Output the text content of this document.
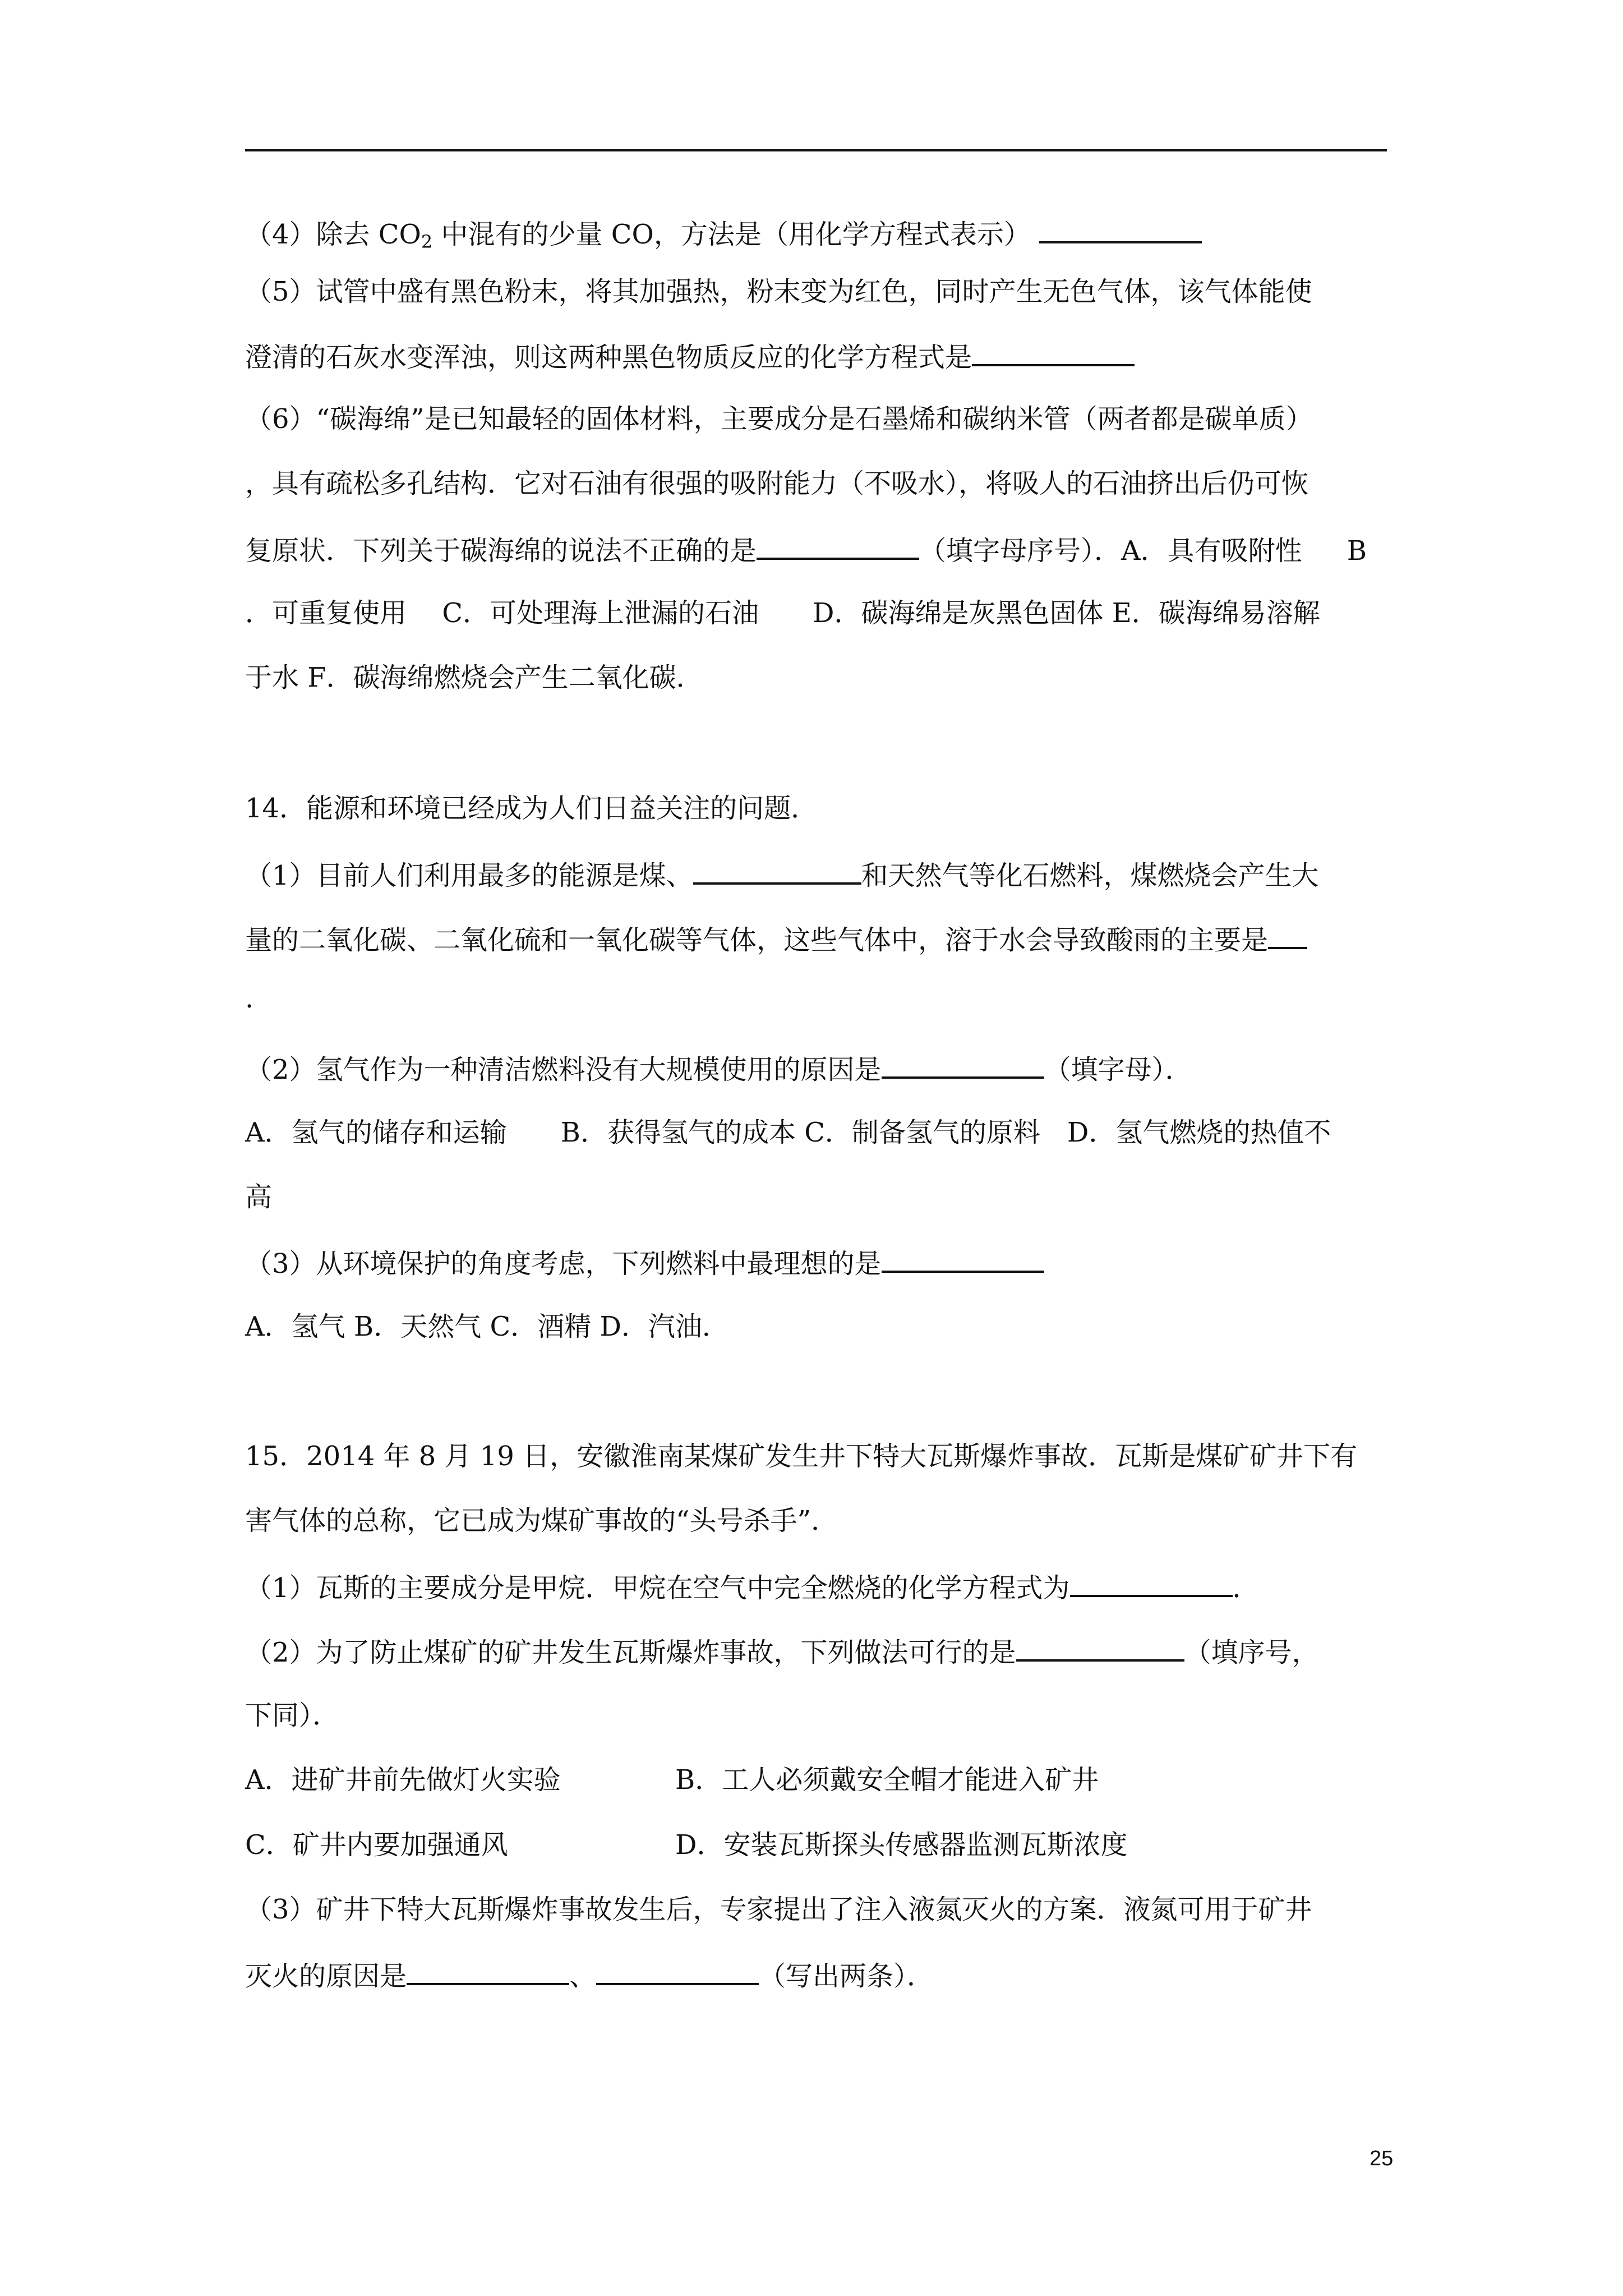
（4）除去 $CO_2$ 中混有的少量 CO，方法是（用化学方程式表示）
（5）试管中盛有黑色粉末，将其加强热，粉末变为红色，同时产生无色气体，该气体能使
澄清的石灰水变浑浊，则这两种黑色物质反应的化学方程式是
（6）“碳海绵”是已知最轻的固体材料，主要成分是石墨烯和碳纳米管（两者都是碳单质）
，具有疏松多孔结构．它对石油有很强的吸附能力（不吸水），将吸人的石油挤出后仍可恢
复原状．下列关于碳海绵的说法不正确的是	（填字母序号）．A．具有吸附性 B
．可重复使用　 C．可处理海上泄漏的石油　　D．碳海绵是灰黑色固体 E．碳海绵易溶解
于水 F．碳海绵燃烧会产生二氧化碳．
14．能源和环境已经成为人们日益关注的问题．
（1）目前人们利用最多的能源是煤、	和天然气等化石燃料，煤燃烧会产生大
量的二氧化碳、二氧化硫和一氧化碳等气体，这些气体中，溶于水会导致酸雨的主要是
.
（2）氢气作为一种清洁燃料没有大规模使用的原因是	（填字母）．
A．氢气的储存和运输　　B．获得氢气的成本 C．制备氢气的原料　D．氢气燃烧的热值不
高
（3）从环境保护的角度考虑，下列燃料中最理想的是
A．氢气 B．天然气 C．酒精 D．汽油．
15．2014 年 8 月 19 日，安徽淮南某煤矿发生井下特大瓦斯爆炸事故．瓦斯是煤矿矿井下有
害气体的总称，它已成为煤矿事故的“头号杀手”．
（1）瓦斯的主要成分是甲烷．甲烷在空气中完全燃烧的化学方程式为	．
（2）为了防止煤矿的矿井发生瓦斯爆炸事故，下列做法可行的是	（填序号，
下同）．
A．进矿井前先做灯火实验	B．工人必须戴安全帽才能进入矿井
C．矿井内要加强通风	D．安装瓦斯探头传感器监测瓦斯浓度
（3）矿井下特大瓦斯爆炸事故发生后，专家提出了注入液氮灭火的方案．液氮可用于矿井
灭火的原因是	、	（写出两条）．
25
